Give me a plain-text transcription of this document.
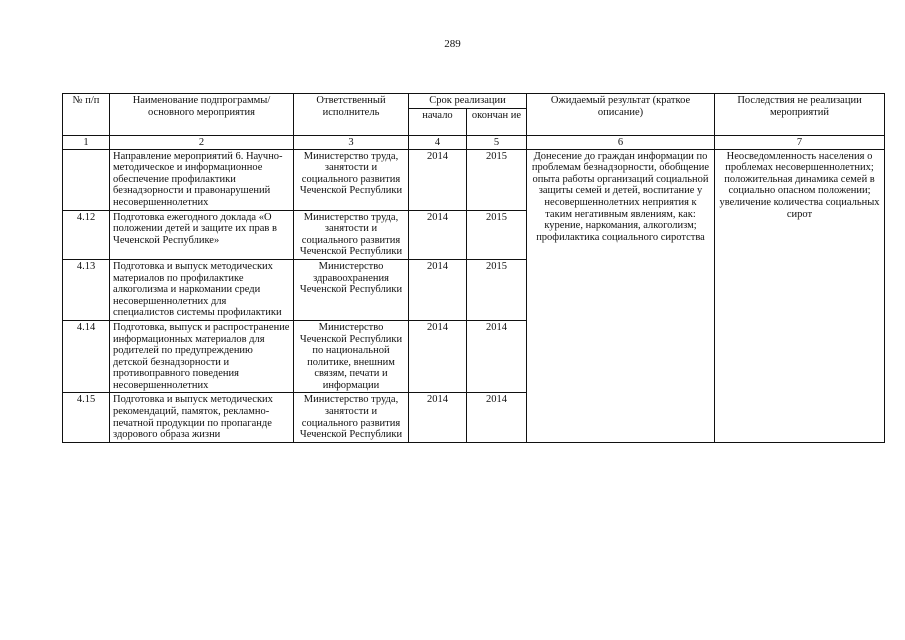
289
№ п/п	Наименование подпрограммы/ основного мероприятия	Ответственный исполнитель	Срок реализации		Ожидаемый результат (краткое описание)	Последствия не реализации мероприятий
			начало	окончан ие		
1	2	3	4	5	6	7
	Направление мероприятий 6. Научно-методическое и информационное обеспечение профилактики безнадзорности и правонарушений несовершеннолетних	Министерство труда, занятости и социального развития Чеченской Республики	2014	2015	Донесение до граждан информации по проблемам безнадзорности, обобщение опыта работы организаций социальной защиты семей и детей, воспитание у несовершеннолетних неприятия к таким негативным явлениям, как: курение, наркомания, алкоголизм; профилактика социального сиротства	Неосведомленность населения о проблемах несовершеннолетних; положительная динамика семей в социально опасном положении; увеличение количества социальных сирот
4.12	Подготовка ежегодного доклада «О положении детей и защите их прав в Чеченской Республике»	Министерство труда, занятости и социального развития Чеченской Республики	2014	2015		
4.13	Подготовка и выпуск методических материалов по профилактике алкоголизма и наркомании среди несовершеннолетних для специалистов системы профилактики	Министерство здравоохранения Чеченской Республики	2014	2015		
4.14	Подготовка, выпуск и распространение информационных материалов для родителей по предупреждению детской безнадзорности и противоправного поведения несовершеннолетних	Министерство Чеченской Республики по национальной политике, внешним связям, печати и информации	2014	2014		
4.15	Подготовка и выпуск методических рекомендаций, памяток, рекламно-печатной продукции по пропаганде здорового образа жизни	Министерство труда, занятости и социального развития Чеченской Республики	2014	2014		
